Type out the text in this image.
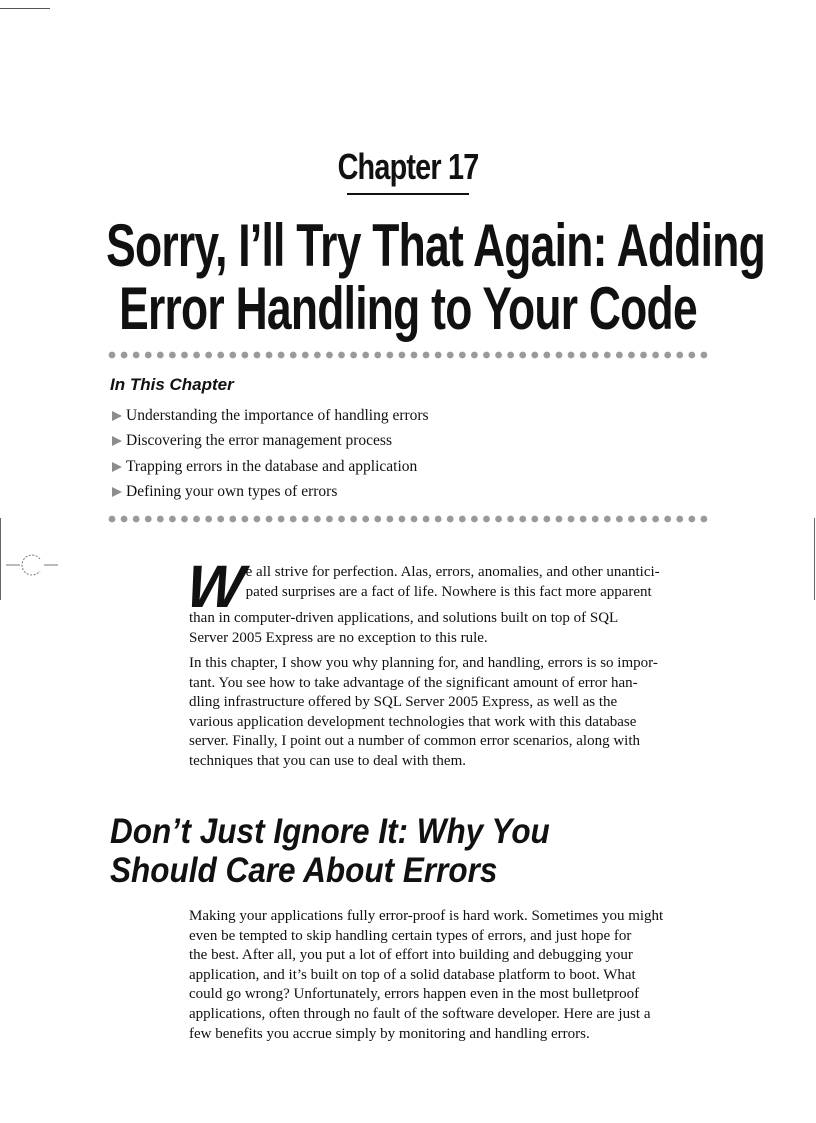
Chapter 17
Sorry, I’ll Try That Again: Adding
Error Handling to Your Code
In This Chapter
Understanding the importance of handling errors
Discovering the error management process
Trapping errors in the database and application
Defining your own types of errors
W
e all strive for perfection. Alas, errors, anomalies, and other unantici-
pated surprises are a fact of life. Nowhere is this fact more apparent
than in computer-driven applications, and solutions built on top of SQL
Server 2005 Express are no exception to this rule.
In this chapter, I show you why planning for, and handling, errors is so impor-
tant. You see how to take advantage of the significant amount of error han-
dling infrastructure offered by SQL Server 2005 Express, as well as the
various application development technologies that work with this database
server. Finally, I point out a number of common error scenarios, along with
techniques that you can use to deal with them.
Don’t Just Ignore It: Why You
Should Care About Errors
Making your applications fully error-proof is hard work. Sometimes you might
even be tempted to skip handling certain types of errors, and just hope for
the best. After all, you put a lot of effort into building and debugging your
application, and it’s built on top of a solid database platform to boot. What
could go wrong? Unfortunately, errors happen even in the most bulletproof
applications, often through no fault of the software developer. Here are just a
few benefits you accrue simply by monitoring and handling errors.
